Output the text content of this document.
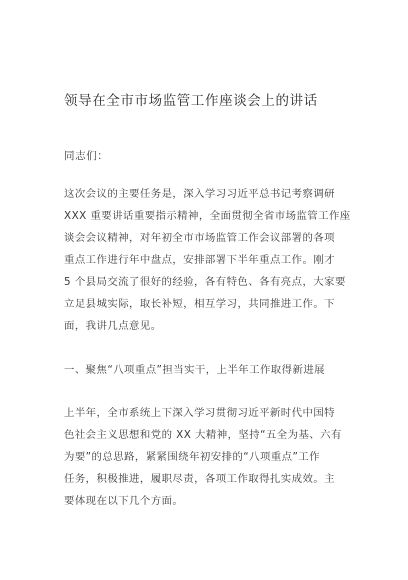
领导在全市市场监管工作座谈会上的讲话
同志们：
这次会议的主要任务是，深入学习习近平总书记考察调研
XXX 重要讲话重要指示精神，全面贯彻全省市场监管工作座
谈会会议精神，对年初全市市场监管工作会议部署的各项
重点工作进行年中盘点，安排部署下半年重点工作。刚才
5 个县局交流了很好的经验，各有特色、各有亮点，大家要
立足县城实际，取长补短，相互学习，共同推进工作。下
面，我讲几点意见。
一、聚焦“八项重点”担当实干，上半年工作取得新进展
上半年，全市系统上下深入学习贯彻习近平新时代中国特
色社会主义思想和党的 XX 大精神，坚持“五全为基、六有
为要”的总思路，紧紧围绕年初安排的“八项重点”工作
任务，积极推进，履职尽责，各项工作取得扎实成效。主
要体现在以下几个方面。
